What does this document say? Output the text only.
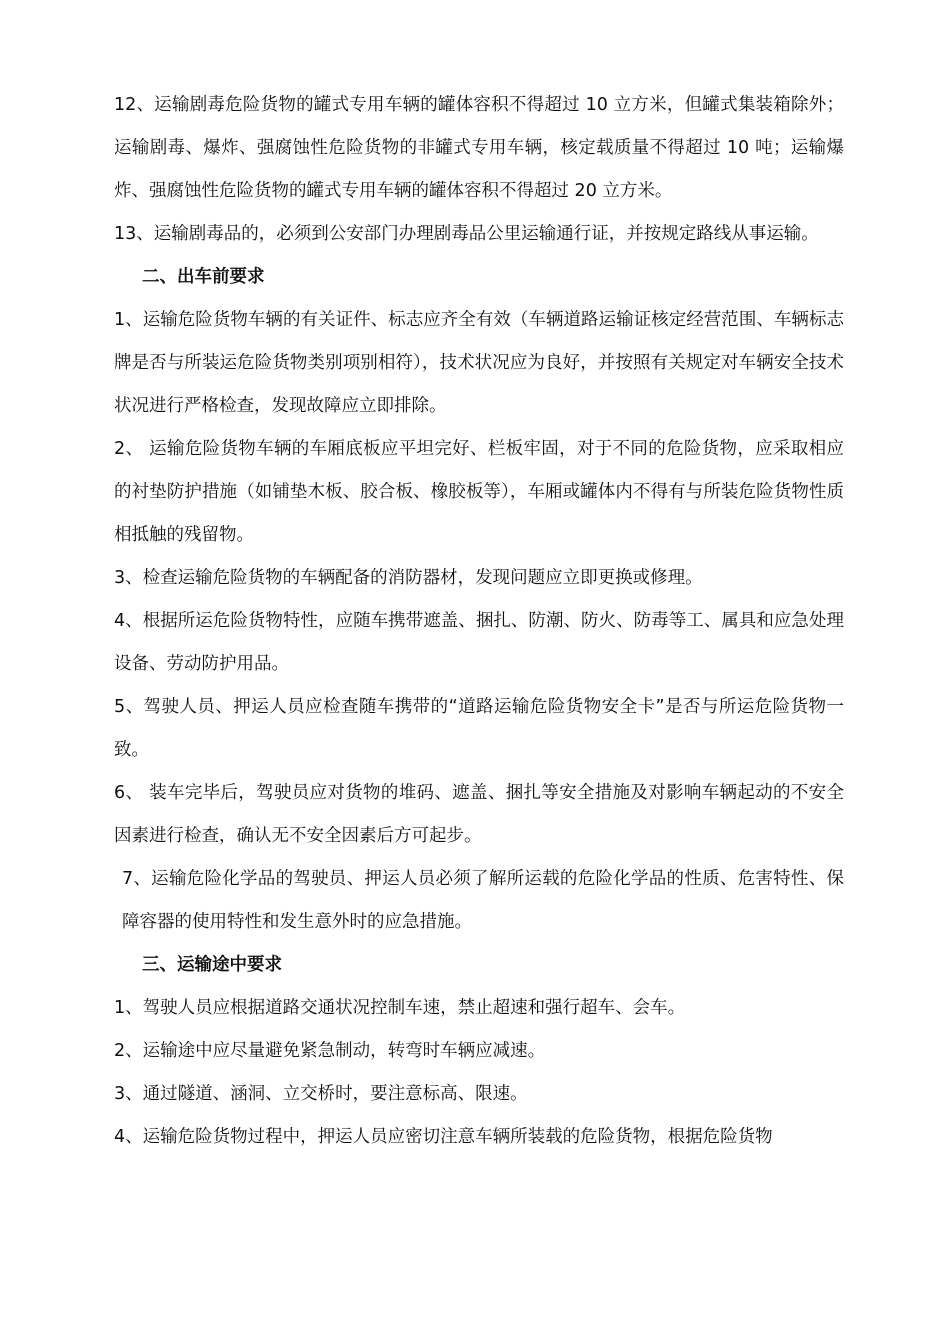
12、运输剧毒危险货物的罐式专用车辆的罐体容积不得超过 10 立方米，但罐式集装箱除外；运输剧毒、爆炸、强腐蚀性危险货物的非罐式专用车辆，核定载质量不得超过 10 吨；运输爆炸、强腐蚀性危险货物的罐式专用车辆的罐体容积不得超过 20 立方米。

13、运输剧毒品的，必须到公安部门办理剧毒品公里运输通行证，并按规定路线从事运输。

二、出车前要求

1、运输危险货物车辆的有关证件、标志应齐全有效（车辆道路运输证核定经营范围、车辆标志牌是否与所装运危险货物类别项别相符），技术状况应为良好，并按照有关规定对车辆安全技术状况进行严格检查，发现故障应立即排除。

2、 运输危险货物车辆的车厢底板应平坦完好、栏板牢固，对于不同的危险货物，应采取相应的衬垫防护措施（如铺垫木板、胶合板、橡胶板等），车厢或罐体内不得有与所装危险货物性质相抵触的残留物。

3、检查运输危险货物的车辆配备的消防器材，发现问题应立即更换或修理。

4、根据所运危险货物特性，应随车携带遮盖、捆扎、防潮、防火、防毒等工、属具和应急处理设备、劳动防护用品。

5、驾驶人员、押运人员应检查随车携带的“道路运输危险货物安全卡”是否与所运危险货物一致。

6、 装车完毕后，驾驶员应对货物的堆码、遮盖、捆扎等安全措施及对影响车辆起动的不安全因素进行检查，确认无不安全因素后方可起步。

7、运输危险化学品的驾驶员、押运人员必须了解所运载的危险化学品的性质、危害特性、保障容器的使用特性和发生意外时的应急措施。

三、运输途中要求

1、驾驶人员应根据道路交通状况控制车速，禁止超速和强行超车、会车。

2、运输途中应尽量避免紧急制动，转弯时车辆应减速。

3、通过隧道、涵洞、立交桥时，要注意标高、限速。

4、运输危险货物过程中，押运人员应密切注意车辆所装载的危险货物，根据危险货物
